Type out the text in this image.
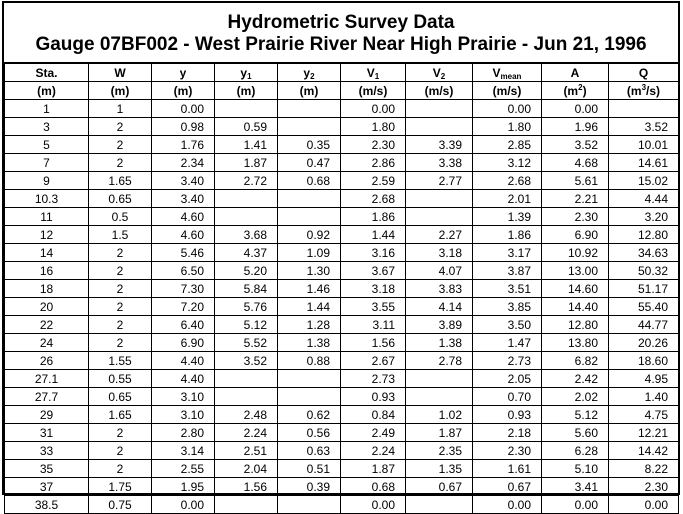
Hydrometric Survey Data
Gauge 07BF002 - West Prairie River Near High Prairie - Jun 21, 1996
Sta.	W	y	$y_1$	$y_2$	$V_1$	$V_2$	$V_{mean}$	A	Q
(m)	(m)	(m)	(m)	(m)	(m/s)	(m/s)	(m/s)	$(m^2)$	$(m^3/s)$
1	1	0.00			0.00		0.00	0.00	
3	2	0.98	0.59		1.80		1.80	1.96	3.52
5	2	1.76	1.41	0.35	2.30	3.39	2.85	3.52	10.01
7	2	2.34	1.87	0.47	2.86	3.38	3.12	4.68	14.61
9	1.65	3.40	2.72	0.68	2.59	2.77	2.68	5.61	15.02
10.3	0.65	3.40			2.68		2.01	2.21	4.44
11	0.5	4.60			1.86		1.39	2.30	3.20
12	1.5	4.60	3.68	0.92	1.44	2.27	1.86	6.90	12.80
14	2	5.46	4.37	1.09	3.16	3.18	3.17	10.92	34.63
16	2	6.50	5.20	1.30	3.67	4.07	3.87	13.00	50.32
18	2	7.30	5.84	1.46	3.18	3.83	3.51	14.60	51.17
20	2	7.20	5.76	1.44	3.55	4.14	3.85	14.40	55.40
22	2	6.40	5.12	1.28	3.11	3.89	3.50	12.80	44.77
24	2	6.90	5.52	1.38	1.56	1.38	1.47	13.80	20.26
26	1.55	4.40	3.52	0.88	2.67	2.78	2.73	6.82	18.60
27.1	0.55	4.40			2.73		2.05	2.42	4.95
27.7	0.65	3.10			0.93		0.70	2.02	1.40
29	1.65	3.10	2.48	0.62	0.84	1.02	0.93	5.12	4.75
31	2	2.80	2.24	0.56	2.49	1.87	2.18	5.60	12.21
33	2	3.14	2.51	0.63	2.24	2.35	2.30	6.28	14.42
35	2	2.55	2.04	0.51	1.87	1.35	1.61	5.10	8.22
37	1.75	1.95	1.56	0.39	0.68	0.67	0.67	3.41	2.30
38.5	0.75	0.00			0.00		0.00	0.00	0.00
